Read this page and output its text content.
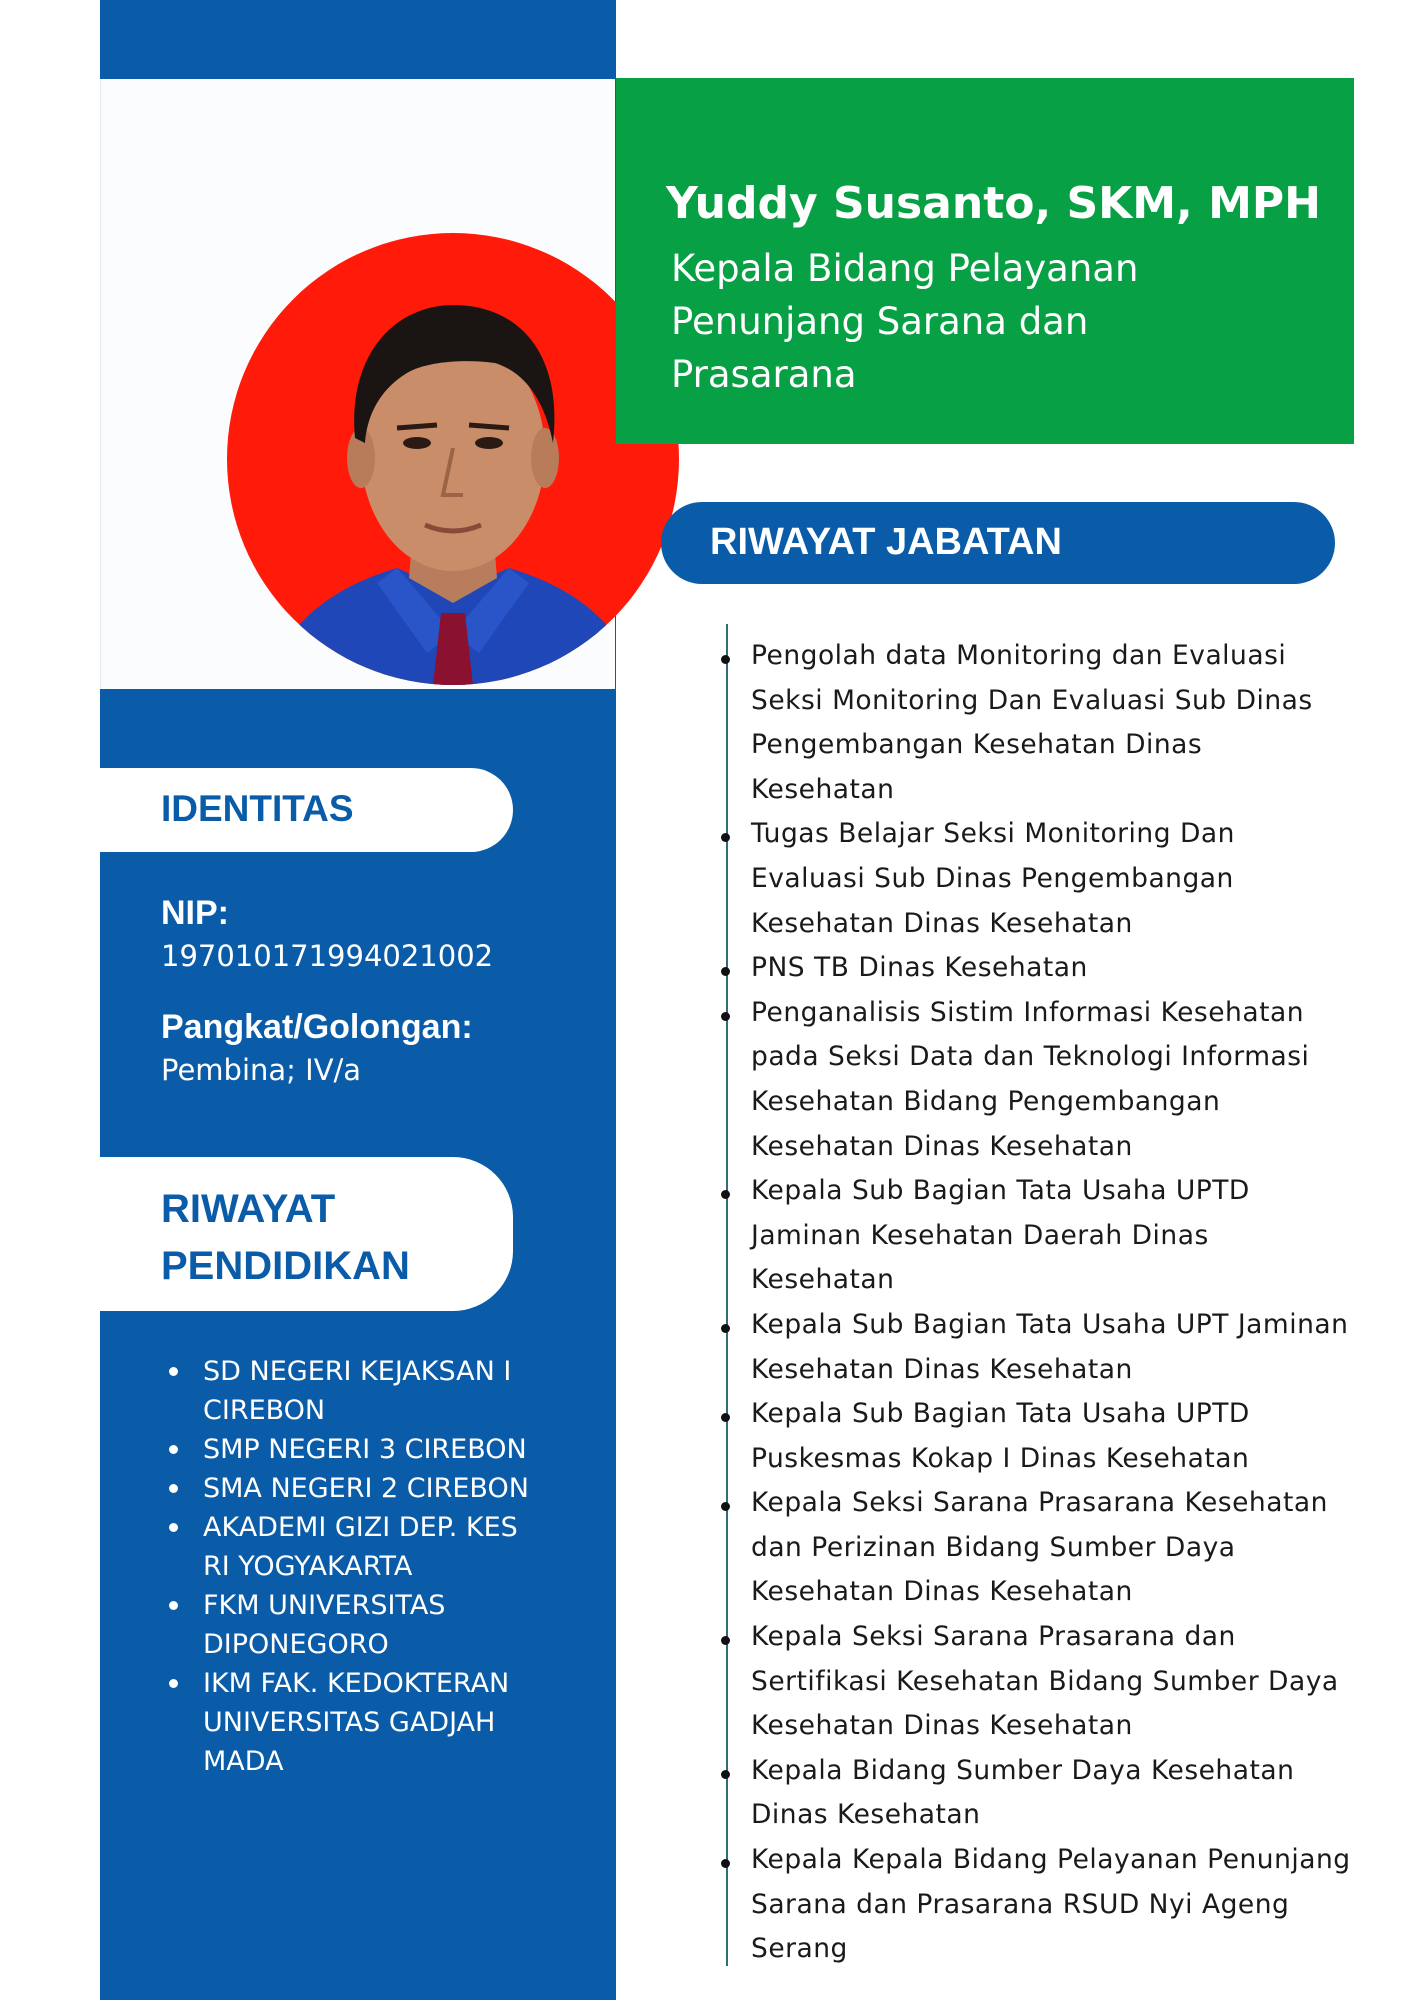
Yuddy Susanto, SKM, MPH
Kepala Bidang Pelayanan Penunjang Sarana dan Prasarana
IDENTITAS
NIP:
197010171994021002
Pangkat/Golongan:
Pembina; IV/a
RIWAYAT PENDIDIKAN
SD NEGERI KEJAKSAN I CIREBON
SMP NEGERI 3 CIREBON
SMA NEGERI 2 CIREBON
AKADEMI GIZI DEP. KES RI YOGYAKARTA
FKM UNIVERSITAS DIPONEGORO
IKM FAK. KEDOKTERAN UNIVERSITAS GADJAH MADA
RIWAYAT JABATAN
Pengolah data Monitoring dan Evaluasi Seksi Monitoring Dan Evaluasi Sub Dinas Pengembangan Kesehatan Dinas Kesehatan
Tugas Belajar Seksi Monitoring Dan Evaluasi Sub Dinas Pengembangan Kesehatan Dinas Kesehatan
PNS TB Dinas Kesehatan
Penganalisis Sistim Informasi Kesehatan pada Seksi Data dan Teknologi Informasi Kesehatan Bidang Pengembangan Kesehatan Dinas Kesehatan
Kepala Sub Bagian Tata Usaha UPTD Jaminan Kesehatan Daerah Dinas Kesehatan
Kepala Sub Bagian Tata Usaha UPT Jaminan Kesehatan Dinas Kesehatan
Kepala Sub Bagian Tata Usaha UPTD Puskesmas Kokap I Dinas Kesehatan
Kepala Seksi Sarana Prasarana Kesehatan dan Perizinan Bidang Sumber Daya Kesehatan Dinas Kesehatan
Kepala Seksi Sarana Prasarana dan Sertifikasi Kesehatan Bidang Sumber Daya Kesehatan Dinas Kesehatan
Kepala Bidang Sumber Daya Kesehatan Dinas Kesehatan
Kepala Kepala Bidang Pelayanan Penunjang Sarana dan Prasarana RSUD Nyi Ageng Serang
